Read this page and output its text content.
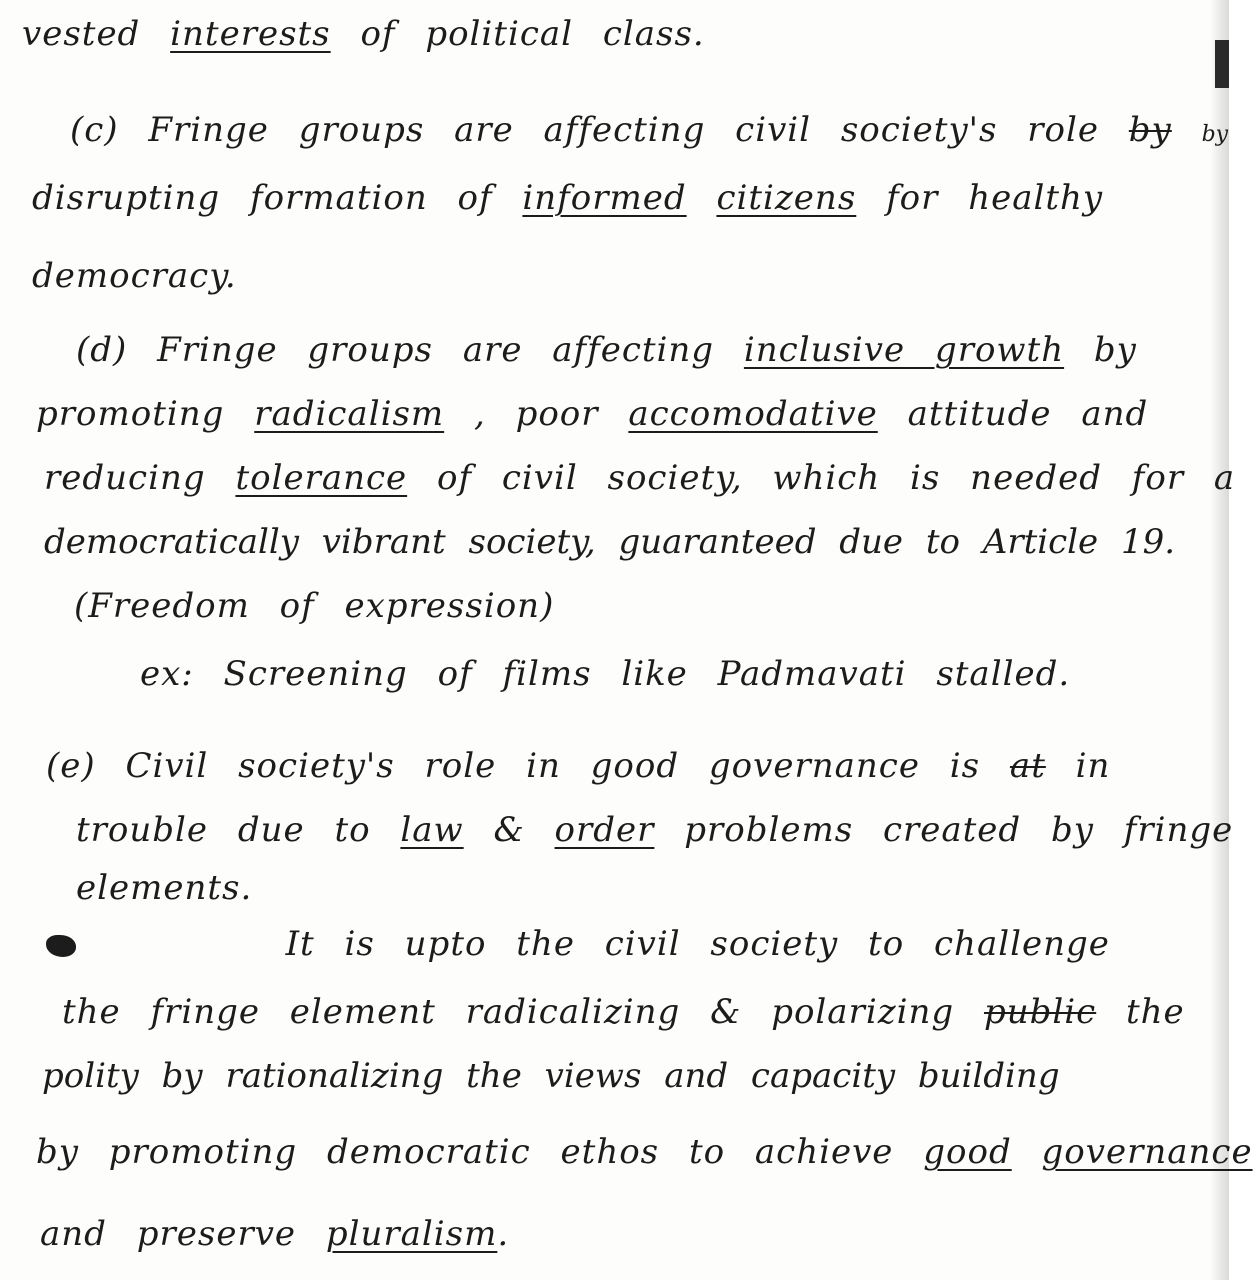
vested interests of political class.
(c) Fringe groups are affecting civil society's role by by
disrupting formation of informed citizens for healthy
democracy.
(d) Fringe groups are affecting inclusive growth by
promoting radicalism , poor accomodative attitude and
reducing tolerance of civil society, which is needed for a
democratically vibrant society, guaranteed due to Article 19.
(Freedom of expression)
ex: Screening of films like Padmavati stalled.
(e) Civil society's role in good governance is at in
trouble due to law & order problems created by fringe
elements.
It is upto the civil society to challenge
the fringe element radicalizing & polarizing public the
polity by rationalizing the views and capacity building
by promoting democratic ethos to achieve good governance
and preserve pluralism.
